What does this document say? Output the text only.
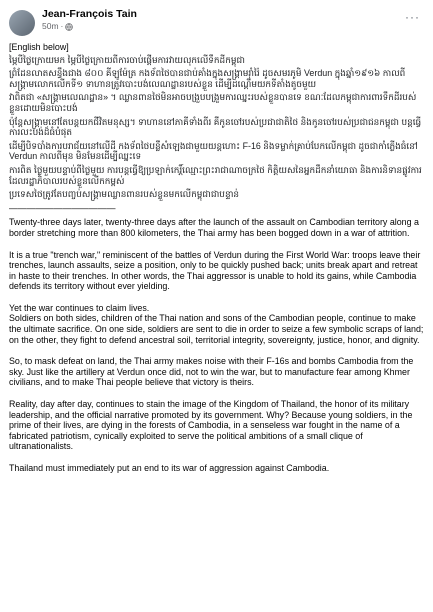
Jean-François Tain
50m ·
···
[English below]

ម្ភៃបីថ្ងៃក្រោយមក ម្ភៃបីថ្ងៃក្រោយពីការចាប់ផ្តើមការវាយលុកលើទឹកដីកម្ពុជា

ព្រំដែនលាតសន្ធឹងជាង ៨០០ គីឡូម៉ែត្រ កងទ័ពថៃបានជាប់គាំងក្នុងសង្រ្គាមរ៉ាំរ៉ៃ ដូចសមរភូមិ Verdun ក្នុងឆ្នាំ១៩១៦ កាលពីសង្គ្រាមលោកលើកទី១ ទាហានត្រូវបោះបង់លេណដ្ឋានរបស់ខ្លួន ដើម្បីដណ្តើមយកទីតាំងតូចមួយ

វាពិតជា «សង្គ្រាមលេណដ្ឋាន» ។ ឈ្លានពានថៃមិនអាចបង្រួបបង្រួមការឈ្នះរបស់ខ្លួនបានទេ ខណៈដែលកម្ពុជាការពារទឹកដីរបស់ខ្លួនដោយមិនបោះបង់

ប៉ុន្តែសង្គ្រាមនៅតែបន្តយកជីវិតមនុស្ស។ ទាហាននៅភាគីទាំងពីរ គឺកូនចៅរបស់ប្រជាជាតិថៃ និងកូនចៅរបស់ប្រជាជនកម្ពុជា បន្តធ្វើការលះបង់ដ៏ធំបំផុត

ដើម្បីបិទបាំងការបរាជ័យនៅលើដី កងទ័ពថៃបន្លឺសំឡេងជាមួយយន្តហោះ F-16 និងទម្លាក់គ្រាប់បែកលើកម្ពុជា ដូចជាកាំភ្លើងធំនៅ Verdun កាលពីមុន មិនមែនដើម្បីឈ្នះទេ

ការពិត ថ្ងៃមួយបន្ទាប់ពីថ្ងៃមួយ ការបន្តធ្វើឱ្យប្រឡាក់កេរ្តិ៍ឈ្មោះព្រះរាជាណាចក្រថៃ កិត្តិយសនៃអ្នកដឹកនាំយោធា និងការនិទានផ្លូវការដែលរដ្ឋាភិបាលរបស់ខ្លួនលើកកម្ពស់

ប្រទេសថៃត្រូវតែបញ្ចប់សង្គ្រាមឈ្លានពានរបស់ខ្លួនមកលើកម្ពុជាជាបន្ទាន់

————————————

Twenty-three days later, twenty-three days after the launch of the assault on Cambodian territory along a border stretching more than 800 kilometers, the Thai army has been bogged down in a war of attrition.

It is a true "trench war," reminiscent of the battles of Verdun during the First World War: troops leave their trenches, launch assaults, seize a position, only to be quickly pushed back; units break apart and retreat in haste to their trenches. In other words, the Thai aggressor is unable to hold its gains, while Cambodia defends its territory without ever yielding.

Yet the war continues to claim lives.
Soldiers on both sides, children of the Thai nation and sons of the Cambodian people, continue to make the ultimate sacrifice. On one side, soldiers are sent to die in order to seize a few symbolic scraps of land; on the other, they fight to defend ancestral soil, territorial integrity, sovereignty, justice, honor, and dignity.

So, to mask defeat on land, the Thai army makes noise with their F-16s and bombs Cambodia from the sky. Just like the artillery at Verdun once did, not to win the war, but to manufacture fear among Khmer civilians, and to make Thai people believe that victory is theirs.

Reality, day after day, continues to stain the image of the Kingdom of Thailand, the honor of its military leadership, and the official narrative promoted by its government. Why? Because young soldiers, in the prime of their lives, are dying in the forests of Cambodia, in a senseless war fought in the name of a fabricated patriotism, cynically exploited to serve the political ambitions of a small clique of ultranationalists.

Thailand must immediately put an end to its war of aggression against Cambodia.
